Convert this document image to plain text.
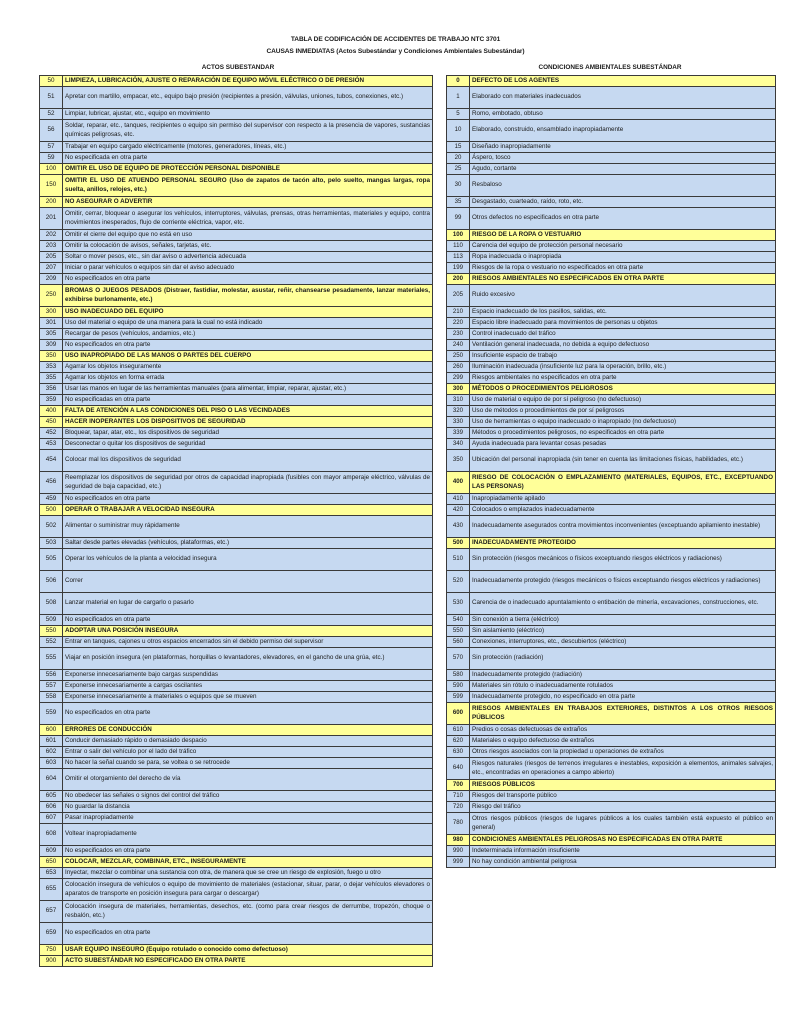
TABLA DE CODIFICACIÓN DE ACCIDENTES DE TRABAJO NTC 3701
CAUSAS INMEDIATAS (Actos Subestándar y Condiciones Ambientales Subestándar)
ACTOS SUBESTANDAR	CONDICIONES AMBIENTALES SUBESTÁNDAR
50	LIMPIEZA, LUBRICACIÓN, AJUSTE O REPARACIÓN DE EQUIPO MÓVIL ELÉCTRICO O DE PRESIÓN
51	Apretar con martillo, empacar, etc., equipo bajo presión (recipientes a presión, válvulas, uniones, tubos, conexiones, etc.)
52	Limpiar, lubricar, ajustar, etc., equipo en movimiento
56	Soldar, reparar, etc., tanques, recipientes o equipo sin permiso del supervisor con respecto a la presencia de vapores, sustancias químicas peligrosas, etc.
57	Trabajar en equipo cargado eléctricamente (motores, generadores, líneas, etc.)
59	No especificada en otra parte
100	OMITIR EL USO DE EQUIPO DE PROTECCIÓN PERSONAL DISPONIBLE
150	OMITIR EL USO DE ATUENDO PERSONAL SEGURO (Uso de zapatos de tacón alto, pelo suelto, mangas largas, ropa suelta, anillos, relojes, etc.)
200	NO ASEGURAR O ADVERTIR
201	Omitir, cerrar, bloquear o asegurar los vehículos, interruptores, válvulas, prensas, otras herramientas, materiales y equipo, contra movimientos inesperados, flujo de corriente eléctrica, vapor, etc.
202	Omitir el cierre del equipo que no está en uso
203	Omitir la colocación de avisos, señales, tarjetas, etc.
205	Soltar o mover pesos, etc., sin dar aviso o advertencia adecuada
207	Iniciar o parar vehículos o equipos sin dar el aviso adecuado
209	No especificados en otra parte
250	BROMAS O JUEGOS PESADOS (Distraer, fastidiar, molestar, asustar, reñir, chansearse pesadamente, lanzar materiales, exhibirse burlonamente, etc.)
300	USO INADECUADO DEL EQUIPO
301	Uso del material o equipo de una manera para la cual no está indicado
305	Recargar de pesos (vehículos, andamios, etc.)
309	No especificados en otra parte
350	USO INAPROPIADO DE LAS MANOS O PARTES DEL CUERPO
353	Agarrar los objetos inseguramente
355	Agarrar los objetos en forma errada
356	Usar las manos en lugar de las herramientas manuales (para alimentar, limpiar, reparar, ajustar, etc.)
359	No especificadas en otra parte
400	FALTA DE ATENCIÓN A LAS CONDICIONES DEL PISO O LAS VECINDADES
450	HACER INOPERANTES LOS DISPOSITIVOS DE SEGURIDAD
452	Bloquear, tapar, atar, etc., los dispositivos de seguridad
453	Desconectar o quitar los dispositivos de seguridad
454	Colocar mal los dispositivos de seguridad
456	Reemplazar los dispositivos de seguridad por otros de capacidad inapropiada (fusibles con mayor amperaje eléctrico, válvulas de seguridad de baja capacidad, etc.)
459	No especificados en otra parte
500	OPERAR O TRABAJAR A VELOCIDAD INSEGURA
502	Alimentar o suministrar muy rápidamente
503	Saltar desde partes elevadas (vehículos, plataformas, etc.)
505	Operar los vehículos de la planta a velocidad insegura
506	Correr
508	Lanzar material en lugar de cargarlo o pasarlo
509	No especificados en otra parte
550	ADOPTAR UNA POSICIÓN INSEGURA
552	Entrar en tanques, cajones u otros espacios encerrados sin el debido permiso del supervisor
555	Viajar en posición insegura (en plataformas, horquillas o levantadores, elevadores, en el gancho de una grúa, etc.)
556	Exponerse innecesariamente bajo cargas suspendidas
557	Exponerse innecesariamente a cargas oscilantes
558	Exponerse innecesariamente a materiales o equipos que se mueven
559	No especificados en otra parte
600	ERRORES DE CONDUCCIÓN
601	Conducir demasiado rápido o demasiado despacio
602	Entrar o salir del vehículo por el lado del tráfico
603	No hacer la señal cuando se para, se voltea o se retrocede
604	Omitir el otorgamiento del derecho de vía
605	No obedecer las señales o signos del control del tráfico
606	No guardar la distancia
607	Pasar inapropiadamente
608	Voltear inapropiadamente
609	No especificados en otra parte
650	COLOCAR, MEZCLAR, COMBINAR, ETC., INSEGURAMENTE
653	Inyectar, mezclar o combinar una sustancia con otra, de manera que se cree un riesgo de explosión, fuego u otro
655	Colocación insegura de vehículos o equipo de movimiento de materiales (estacionar, situar, parar, o dejar vehículos elevadores o aparatos de transporte en posición insegura para cargar o descargar)
657	Colocación insegura de materiales, herramientas, desechos, etc. (como para crear riesgos de derrumbe, tropezón, choque o resbalón, etc.)
659	No especificados en otra parte
750	USAR EQUIPO INSEGURO (Equipo rotulado o conocido como defectuoso)
900	ACTO SUBESTÁNDAR NO ESPECIFICADO EN OTRA PARTE
0	DEFECTO DE LOS AGENTES
1	Elaborado con materiales inadecuados
5	Romo, embotado, obtuso
10	Elaborado, construido, ensamblado inapropiadamente
15	Diseñado inapropiadamente
20	Áspero, tosco
25	Agudo, cortante
30	Resbaloso
35	Desgastado, cuarteado, raído, roto, etc.
99	Otros defectos no especificados en otra parte
100	RIESGO DE LA ROPA O VESTUARIO
110	Carencia del equipo de protección personal necesario
113	Ropa inadecuada o inapropiada
199	Riesgos de la ropa o vestuario no especificados en otra parte
200	RIESGOS AMBIENTALES NO ESPECIFICADOS EN OTRA PARTE
205	Ruido excesivo
210	Espacio inadecuado de los pasillos, salidas, etc.
220	Espacio libre inadecuado para movimientos de personas u objetos
230	Control inadecuado del tráfico
240	Ventilación general inadecuada, no debida a equipo defectuoso
250	Insuficiente espacio de trabajo
260	Iluminación inadecuada (insuficiente luz para la operación, brillo, etc.)
299	Riesgos ambientales no especificados en otra parte
300	MÉTODOS O PROCEDIMIENTOS PELIGROSOS
310	Uso de material o equipo de por sí peligroso (no defectuoso)
320	Uso de métodos o procedimientos de por sí peligrosos
330	Uso de herramientas o equipo inadecuado o inapropiado (no defectuoso)
339	Métodos o procedimientos peligrosos, no especificados en otra parte
340	Ayuda inadecuada para levantar cosas pesadas
350	Ubicación del personal inapropiada (sin tener en cuenta las limitaciones físicas, habilidades, etc.)
400	RIESGO DE COLOCACIÓN O EMPLAZAMIENTO (MATERIALES, EQUIPOS, ETC., EXCEPTUANDO LAS PERSONAS)
410	Inapropiadamente apilado
420	Colocados o emplazados inadecuadamente
430	Inadecuadamente asegurados contra movimientos inconvenientes (exceptuando apilamiento inestable)
500	INADECUADAMENTE PROTEGIDO
510	Sin protección (riesgos mecánicos o físicos exceptuando riesgos eléctricos y radiaciones)
520	Inadecuadamente protegido (riesgos mecánicos o físicos exceptuando riesgos eléctricos y radiaciones)
530	Carencia de o inadecuado apuntalamiento o entibación de minería, excavaciones, construcciones, etc.
540	Sin conexión a tierra (eléctrico)
550	Sin aislamiento (eléctrico)
560	Conexiones, interruptores, etc., descubiertos (eléctrico)
570	Sin protección (radiación)
580	Inadecuadamente protegido (radiación)
590	Materiales sin rótulo o inadecuadamente rotulados
599	Inadecuadamente protegido, no especificado en otra parte
600	RIESGOS AMBIENTALES EN TRABAJOS EXTERIORES, DISTINTOS A LOS OTROS RIESGOS PÚBLICOS
610	Predios o cosas defectuosas de extraños
620	Materiales o equipo defectuoso de extraños
630	Otros riesgos asociados con la propiedad u operaciones de extraños
640	Riesgos naturales (riesgos de terrenos irregulares e inestables, exposición a elementos, animales salvajes, etc., encontradas en operaciones a campo abierto)
700	RIESGOS PÚBLICOS
710	Riesgos del transporte público
720	Riesgo del tráfico
780	Otros riesgos públicos (riesgos de lugares públicos a los cuales también está expuesto el público en general)
980	CONDICIONES AMBIENTALES PELIGROSAS NO ESPECIFICADAS EN OTRA PARTE
990	Indeterminada información insuficiente
999	No hay condición ambiental peligrosa
